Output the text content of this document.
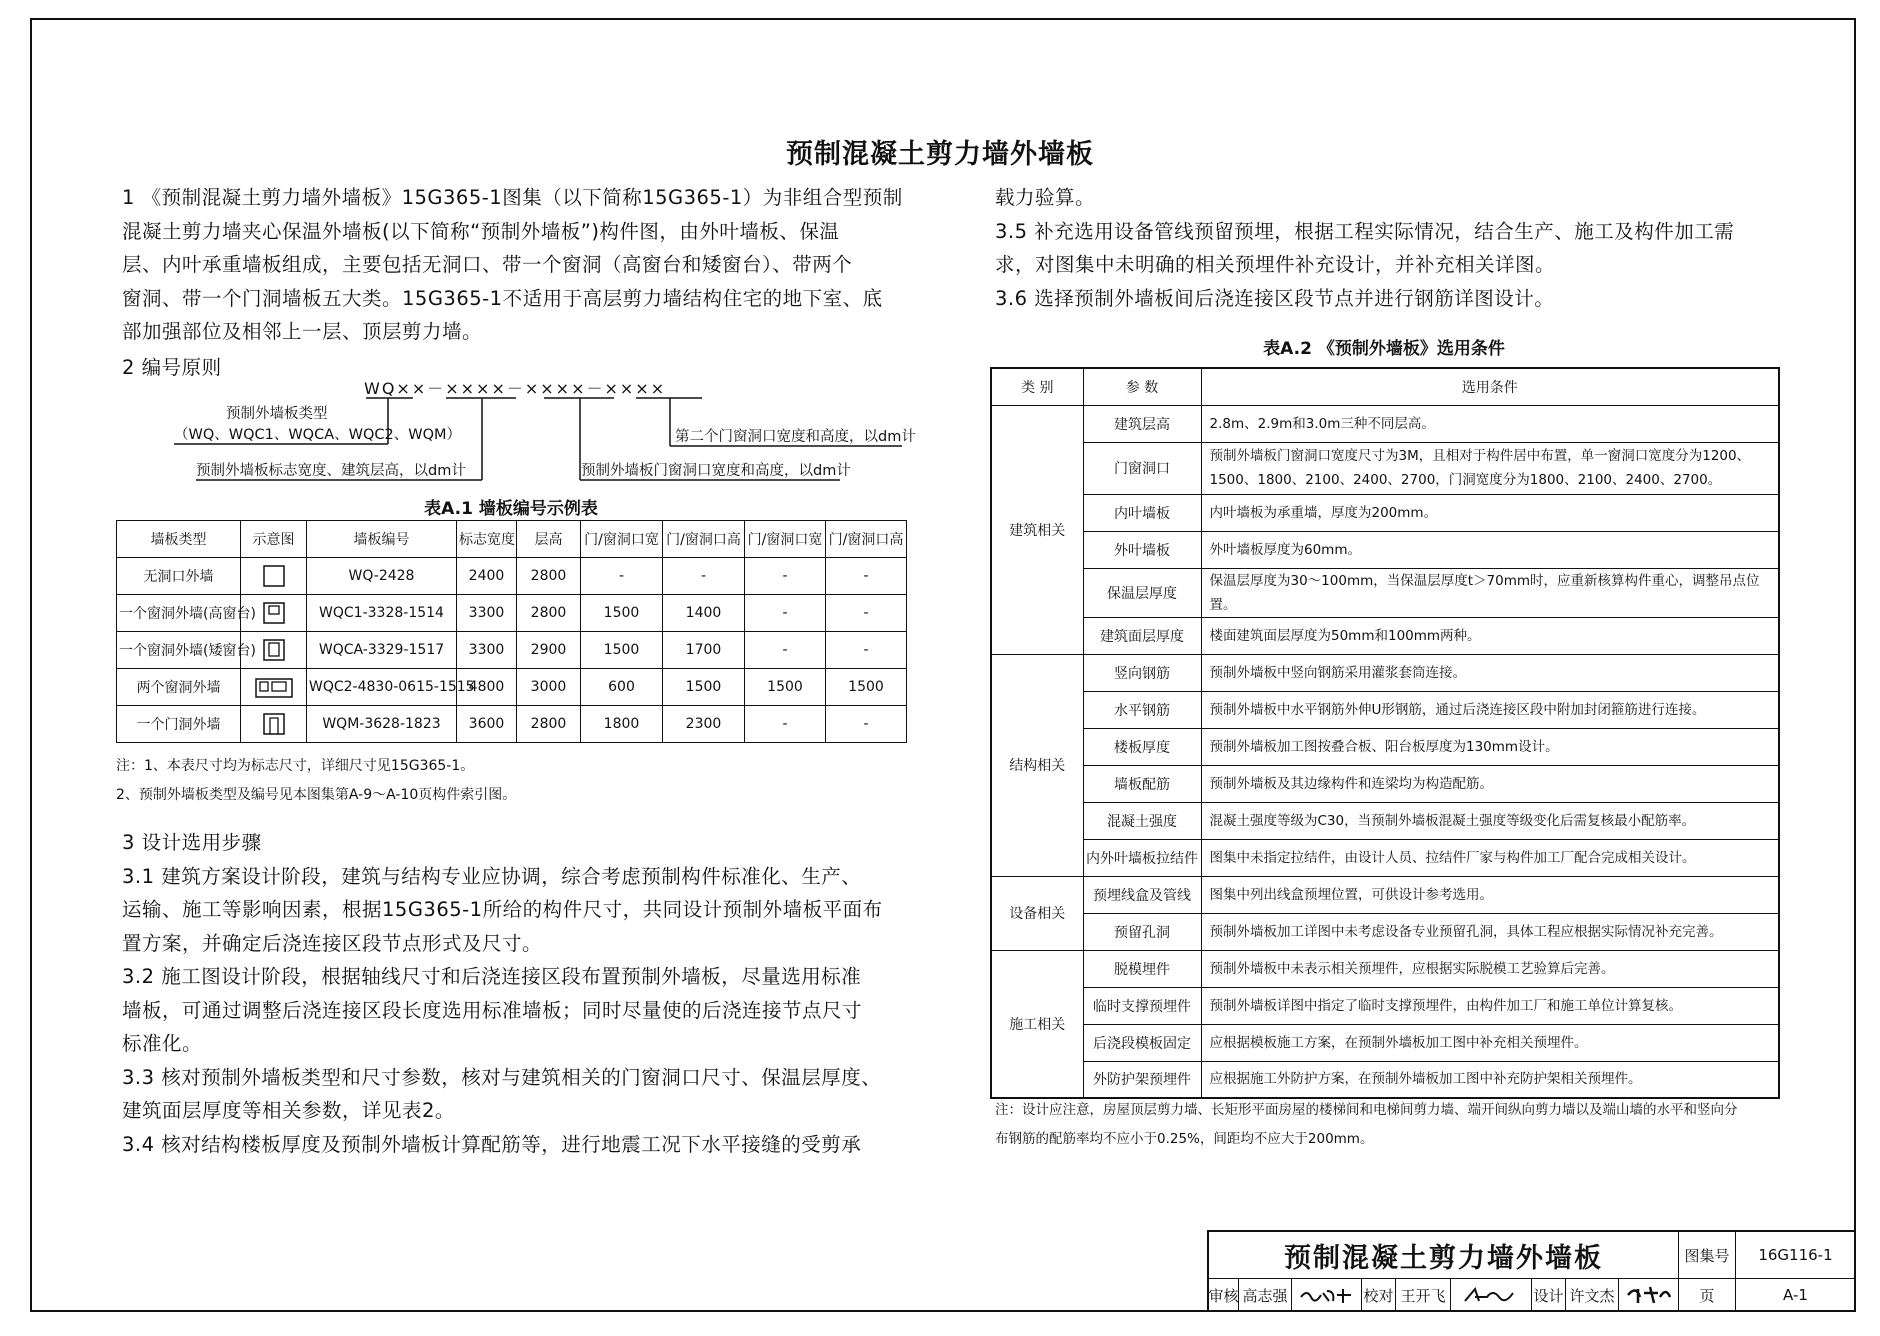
预制混凝土剪力墙外墙板
1 《预制混凝土剪力墙外墙板》15G365-1图集（以下简称15G365-1）为非组合型预制
混凝土剪力墙夹心保温外墙板(以下简称“预制外墙板”)构件图，由外叶墙板、保温
层、内叶承重墙板组成，主要包括无洞口、带一个窗洞（高窗台和矮窗台）、带两个
窗洞、带一个门洞墙板五大类。15G365-1不适用于高层剪力墙结构住宅的地下室、底
部加强部位及相邻上一层、顶层剪力墙。
2 编号原则
WQ××－××××－××××－××××
预制外墙板类型
（WQ、WQC1、WQCA、WQC2、WQM）
预制外墙板标志宽度、建筑层高，以dm计	预制外墙板门窗洞口宽度和高度，以dm计
第二个门窗洞口宽度和高度，以dm计
表A.1 墙板编号示例表
墙板类型	示意图	墙板编号	标志宽度	层高	门/窗洞口宽	门/窗洞口高	门/窗洞口宽	门/窗洞口高
无洞口外墙		WQ-2428	2400	2800	-	-	-	-
一个窗洞外墙(高窗台)		WQC1-3328-1514	3300	2800	1500	1400	-	-
一个窗洞外墙(矮窗台)		WQCA-3329-1517	3300	2900	1500	1700	-	-
两个窗洞外墙		WQC2-4830-0615-1515	4800	3000	600	1500	1500	1500
一个门洞外墙		WQM-3628-1823	3600	2800	1800	2300	-	-
注：1、本表尺寸均为标志尺寸，详细尺寸见15G365-1。
2、预制外墙板类型及编号见本图集第A-9～A-10页构件索引图。
3 设计选用步骤
3.1 建筑方案设计阶段，建筑与结构专业应协调，综合考虑预制构件标准化、生产、
运输、施工等影响因素，根据15G365-1所给的构件尺寸，共同设计预制外墙板平面布
置方案，并确定后浇连接区段节点形式及尺寸。
3.2 施工图设计阶段，根据轴线尺寸和后浇连接区段布置预制外墙板，尽量选用标准
墙板，可通过调整后浇连接区段长度选用标准墙板；同时尽量使的后浇连接节点尺寸
标准化。
3.3 核对预制外墙板类型和尺寸参数，核对与建筑相关的门窗洞口尺寸、保温层厚度、
建筑面层厚度等相关参数，详见表2。
3.4 核对结构楼板厚度及预制外墙板计算配筋等，进行地震工况下水平接缝的受剪承
载力验算。
3.5 补充选用设备管线预留预埋，根据工程实际情况，结合生产、施工及构件加工需
求，对图集中未明确的相关预埋件补充设计，并补充相关详图。
3.6 选择预制外墙板间后浇连接区段节点并进行钢筋详图设计。
表A.2 《预制外墙板》选用条件
类 别	参 数	选用条件
建筑相关	建筑层高	2.8m、2.9m和3.0m三种不同层高。
	门窗洞口	预制外墙板门窗洞口宽度尺寸为3M，且相对于构件居中布置，单一窗洞口宽度分为1200、1500、1800、2100、2400、2700，门洞宽度分为1800、2100、2400、2700。
	内叶墙板	内叶墙板为承重墙，厚度为200mm。
	外叶墙板	外叶墙板厚度为60mm。
	保温层厚度	保温层厚度为30～100mm，当保温层厚度t＞70mm时，应重新核算构件重心，调整吊点位置。
	建筑面层厚度	楼面建筑面层厚度为50mm和100mm两种。
结构相关	竖向钢筋	预制外墙板中竖向钢筋采用灌浆套筒连接。
	水平钢筋	预制外墙板中水平钢筋外伸U形钢筋，通过后浇连接区段中附加封闭箍筋进行连接。
	楼板厚度	预制外墙板加工图按叠合板、阳台板厚度为130mm设计。
	墙板配筋	预制外墙板及其边缘构件和连梁均为构造配筋。
	混凝土强度	混凝土强度等级为C30，当预制外墙板混凝土强度等级变化后需复核最小配筋率。
	内外叶墙板拉结件	图集中未指定拉结件，由设计人员、拉结件厂家与构件加工厂配合完成相关设计。
设备相关	预埋线盒及管线	图集中列出线盒预埋位置，可供设计参考选用。
	预留孔洞	预制外墙板加工详图中未考虑设备专业预留孔洞，具体工程应根据实际情况补充完善。
施工相关	脱模埋件	预制外墙板中未表示相关预埋件，应根据实际脱模工艺验算后完善。
	临时支撑预埋件	预制外墙板详图中指定了临时支撑预埋件，由构件加工厂和施工单位计算复核。
	后浇段模板固定	应根据模板施工方案，在预制外墙板加工图中补充相关预埋件。
	外防护架预埋件	应根据施工外防护方案，在预制外墙板加工图中补充防护架相关预埋件。
注：设计应注意，房屋顶层剪力墙、长矩形平面房屋的楼梯间和电梯间剪力墙、端开间纵向剪力墙以及端山墙的水平和竖向分
布钢筋的配筋率均不应小于0.25%，间距均不应大于200mm。
预制混凝土剪力墙外墙板	图集号	16G116-1
审核 高志强	校对 王开飞	设计 许文杰	页	A-1
